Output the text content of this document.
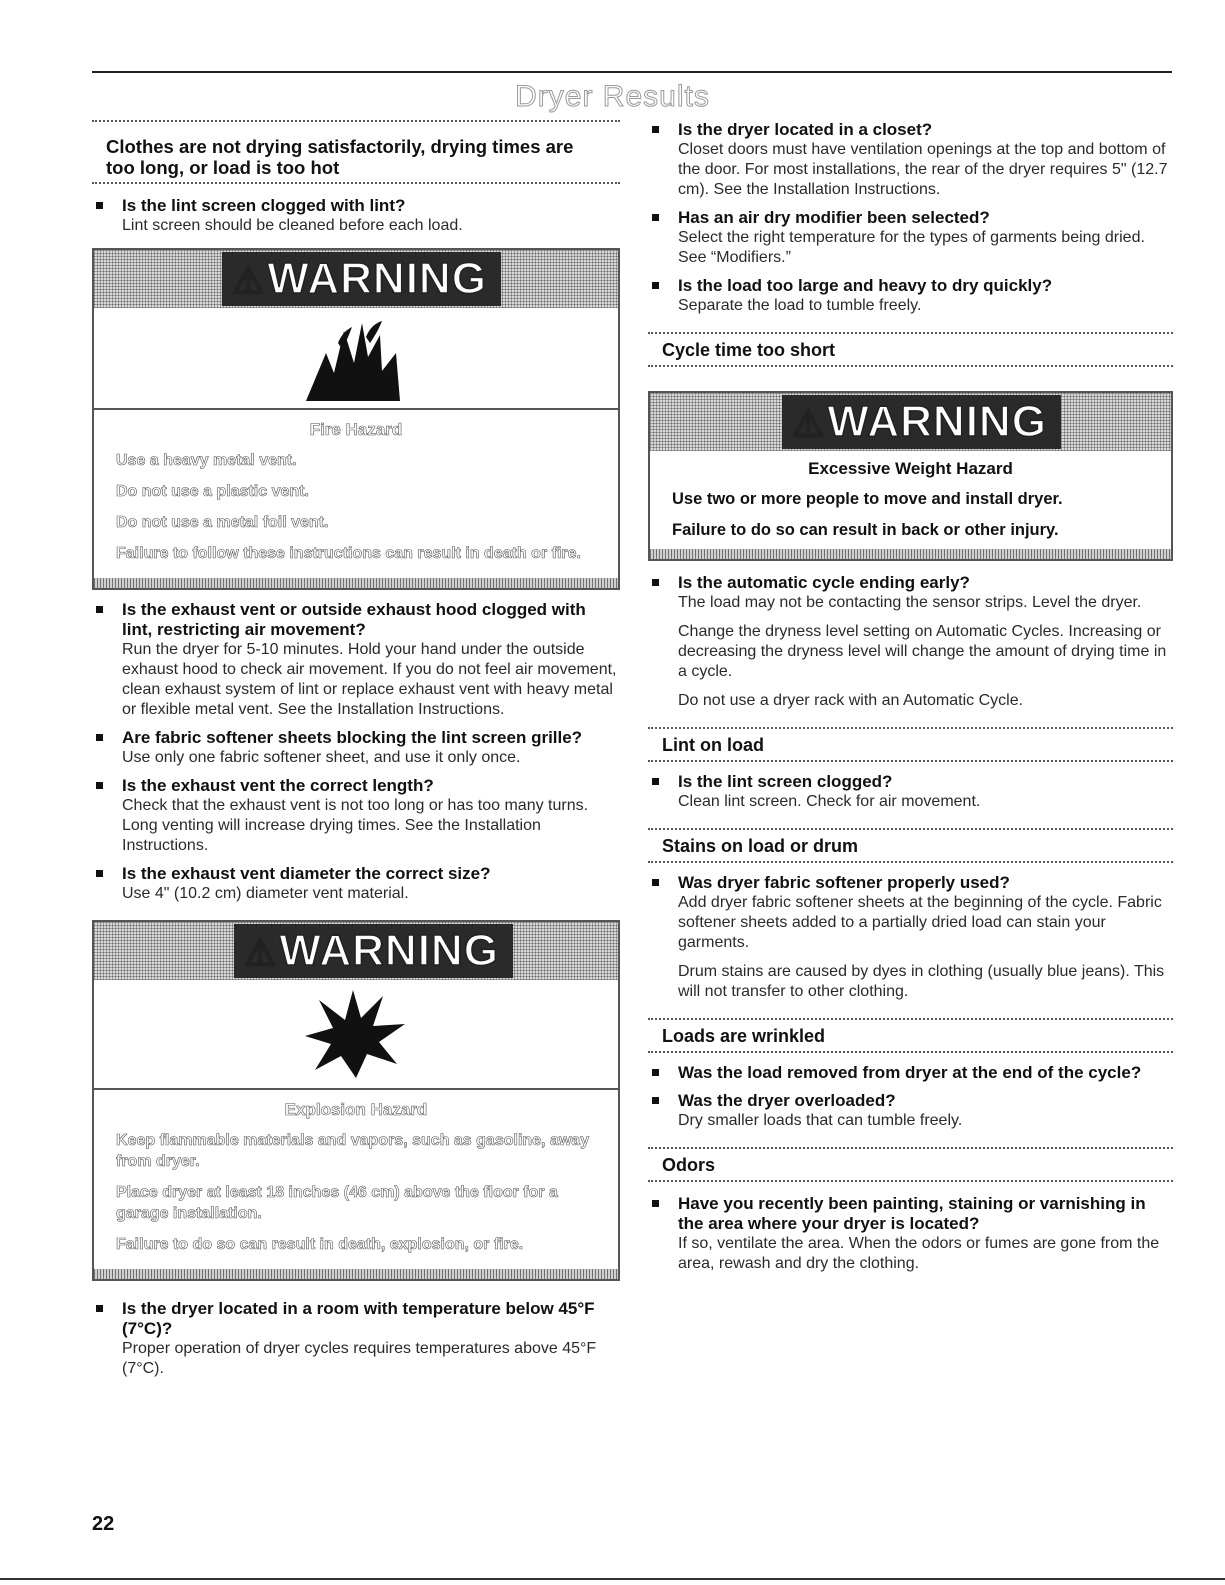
Dryer Results
Clothes are not drying satisfactorily, drying times are too long, or load is too hot
Is the lint screen clogged with lint?
Lint screen should be cleaned before each load.
⚠WARNING
Fire Hazard
Use a heavy metal vent.
Do not use a plastic vent.
Do not use a metal foil vent.
Failure to follow these instructions can result in death or fire.
Is the exhaust vent or outside exhaust hood clogged with lint, restricting air movement?
Run the dryer for 5-10 minutes. Hold your hand under the outside exhaust hood to check air movement. If you do not feel air movement, clean exhaust system of lint or replace exhaust vent with heavy metal or flexible metal vent. See the Installation Instructions.
Are fabric softener sheets blocking the lint screen grille?
Use only one fabric softener sheet, and use it only once.
Is the exhaust vent the correct length?
Check that the exhaust vent is not too long or has too many turns. Long venting will increase drying times. See the Installation Instructions.
Is the exhaust vent diameter the correct size?
Use 4" (10.2 cm) diameter vent material.
⚠WARNING
Explosion Hazard
Keep flammable materials and vapors, such as gasoline, away from dryer.
Place dryer at least 18 inches (46 cm) above the floor for a garage installation.
Failure to do so can result in death, explosion, or fire.
Is the dryer located in a room with temperature below 45°F (7°C)?
Proper operation of dryer cycles requires temperatures above 45°F (7°C).
Is the dryer located in a closet?
Closet doors must have ventilation openings at the top and bottom of the door. For most installations, the rear of the dryer requires 5" (12.7 cm). See the Installation Instructions.
Has an air dry modifier been selected?
Select the right temperature for the types of garments being dried. See “Modifiers.”
Is the load too large and heavy to dry quickly?
Separate the load to tumble freely.
Cycle time too short
⚠WARNING
Excessive Weight Hazard
Use two or more people to move and install dryer.
Failure to do so can result in back or other injury.
Is the automatic cycle ending early?
The load may not be contacting the sensor strips. Level the dryer.
Change the dryness level setting on Automatic Cycles. Increasing or decreasing the dryness level will change the amount of drying time in a cycle.
Do not use a dryer rack with an Automatic Cycle.
Lint on load
Is the lint screen clogged?
Clean lint screen. Check for air movement.
Stains on load or drum
Was dryer fabric softener properly used?
Add dryer fabric softener sheets at the beginning of the cycle. Fabric softener sheets added to a partially dried load can stain your garments.
Drum stains are caused by dyes in clothing (usually blue jeans). This will not transfer to other clothing.
Loads are wrinkled
Was the load removed from dryer at the end of the cycle?
Was the dryer overloaded?
Dry smaller loads that can tumble freely.
Odors
Have you recently been painting, staining or varnishing in the area where your dryer is located?
If so, ventilate the area. When the odors or fumes are gone from the area, rewash and dry the clothing.
22
